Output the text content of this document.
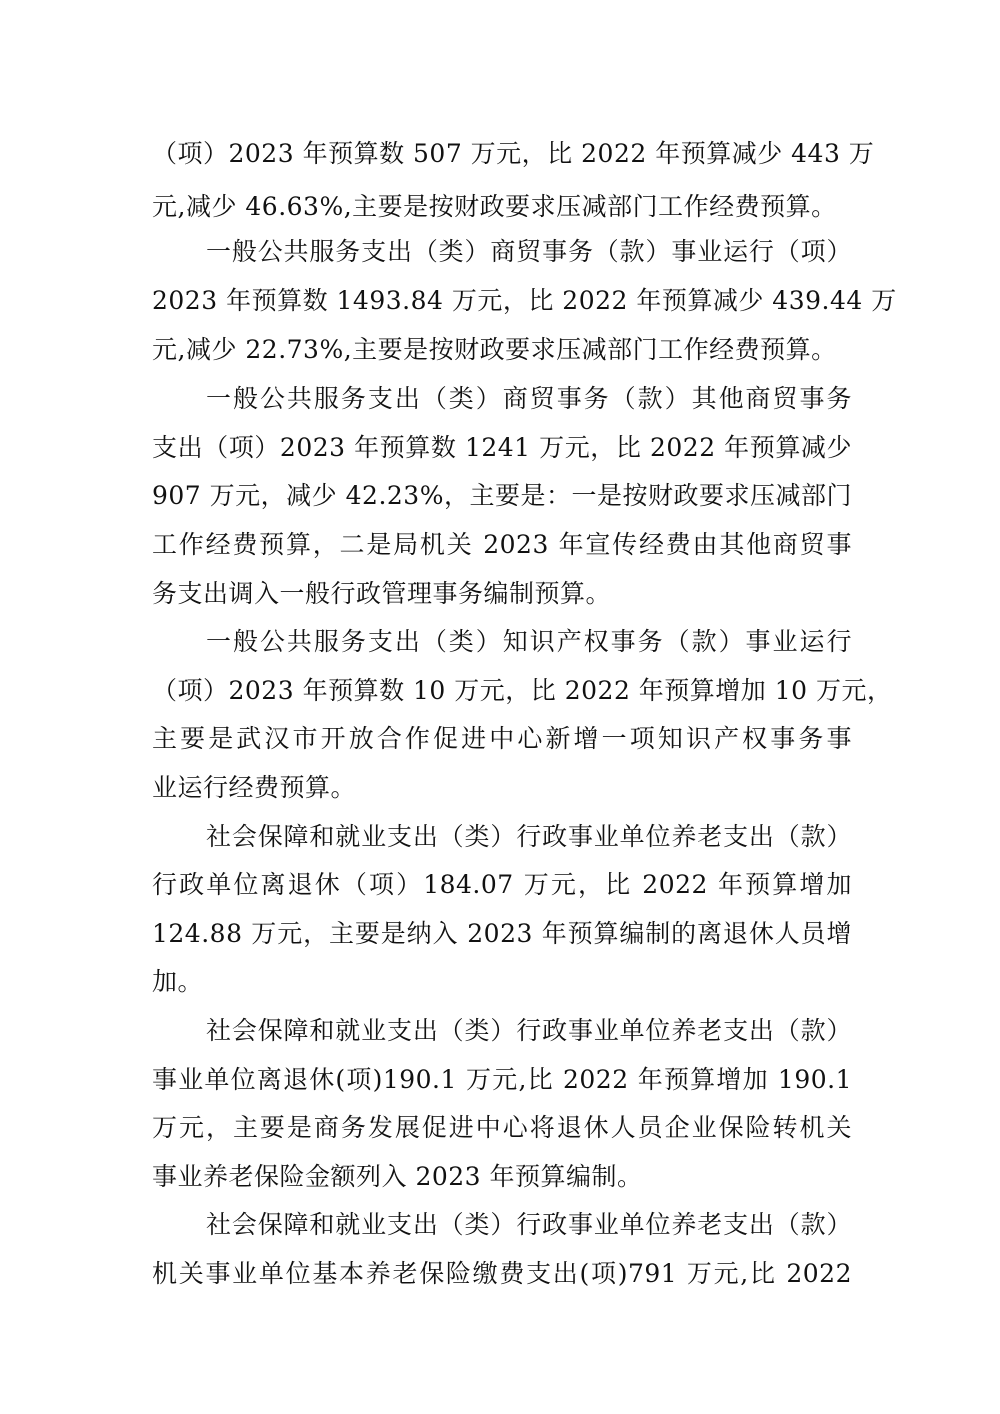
（项）2023 年预算数 507 万元，比 2022 年预算减少 443 万
元,减少 46.63%,主要是按财政要求压减部门工作经费预算。
一般公共服务支出（类）商贸事务（款）事业运行（项）
2023 年预算数 1493.84 万元，比 2022 年预算减少 439.44 万
元,减少 22.73%,主要是按财政要求压减部门工作经费预算。
一般公共服务支出（类）商贸事务（款）其他商贸事务
支出（项）2023 年预算数 1241 万元，比 2022 年预算减少
907 万元，减少 42.23%，主要是：一是按财政要求压减部门
工作经费预算，二是局机关 2023 年宣传经费由其他商贸事
务支出调入一般行政管理事务编制预算。
一般公共服务支出（类）知识产权事务（款）事业运行
（项）2023 年预算数 10 万元，比 2022 年预算增加 10 万元，
主要是武汉市开放合作促进中心新增一项知识产权事务事
业运行经费预算。
社会保障和就业支出（类）行政事业单位养老支出（款）
行政单位离退休（项）184.07 万元，比 2022 年预算增加
124.88 万元，主要是纳入 2023 年预算编制的离退休人员增
加。
社会保障和就业支出（类）行政事业单位养老支出（款）
事业单位离退休(项)190.1 万元,比 2022 年预算增加 190.1
万元，主要是商务发展促进中心将退休人员企业保险转机关
事业养老保险金额列入 2023 年预算编制。
社会保障和就业支出（类）行政事业单位养老支出（款）
机关事业单位基本养老保险缴费支出(项)791 万元,比 2022
